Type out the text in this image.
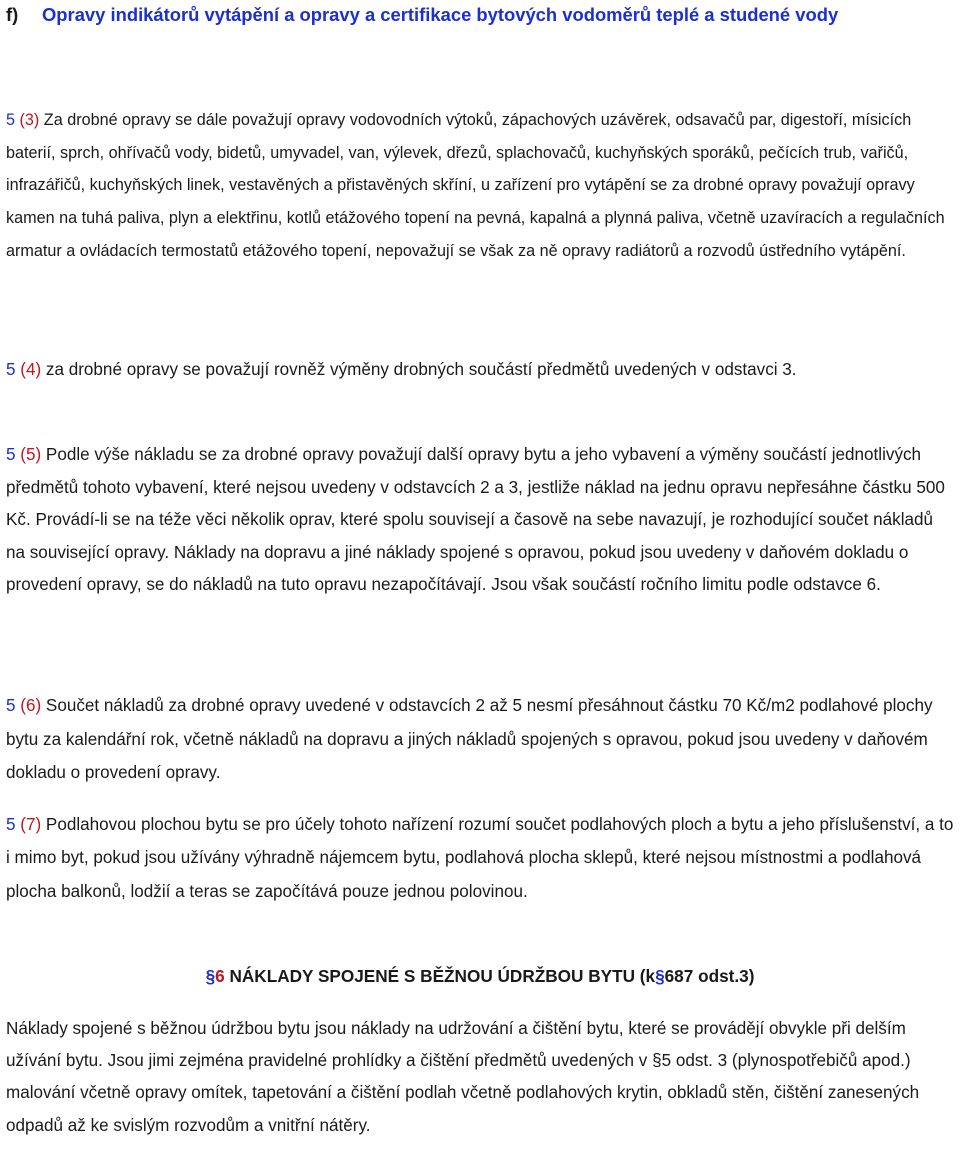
f) Opravy indikátorů vytápění a opravy a certifikace bytových vodoměrů teplé a studené vody

5 (3) Za drobné opravy se dále považují opravy vodovodních výtoků, zápachových uzávěrek, odsavačů par, digestoří, mísicích baterií, sprch, ohřívačů vody, bidetů, umyvadel, van, výlevek, dřezů, splachovačů, kuchyňských sporáků, pečících trub, vařičů, infrazářičů, kuchyňských linek, vestavěných a přistavěných skříní, u zařízení pro vytápění se za drobné opravy považují opravy kamen na tuhá paliva, plyn a elektřinu, kotlů etážového topení na pevná, kapalná a plynná paliva, včetně uzavíracích a regulačních armatur a ovládacích termostatů etážového topení, nepovažují se však za ně opravy radiátorů a rozvodů ústředního vytápění.

5 (4) za drobné opravy se považují rovněž výměny drobných součástí předmětů uvedených v odstavci 3.

5 (5) Podle výše nákladu se za drobné opravy považují další opravy bytu a jeho vybavení a výměny součástí jednotlivých předmětů tohoto vybavení, které nejsou uvedeny v odstavcích 2 a 3, jestliže náklad na jednu opravu nepřesáhne částku 500 Kč. Provádí-li se na téže věci několik oprav, které spolu souvisejí a časově na sebe navazují, je rozhodující součet nákladů na související opravy. Náklady na dopravu a jiné náklady spojené s opravou, pokud jsou uvedeny v daňovém dokladu o provedení opravy, se do nákladů na tuto opravu nezapočítávají. Jsou však součástí ročního limitu podle odstavce 6.

5 (6) Součet nákladů za drobné opravy uvedené v odstavcích 2 až 5 nesmí přesáhnout částku 70 Kč/m2 podlahové plochy bytu za kalendářní rok, včetně nákladů na dopravu a jiných nákladů spojených s opravou, pokud jsou uvedeny v daňovém dokladu o provedení opravy.

5 (7) Podlahovou plochou bytu se pro účely tohoto nařízení rozumí součet podlahových ploch a bytu a jeho příslušenství, a to i mimo byt, pokud jsou užívány výhradně nájemcem bytu, podlahová plocha sklepů, které nejsou místnostmi a podlahová plocha balkonů, lodžií a teras se započítává pouze jednou polovinou.

§6 NÁKLADY SPOJENÉ S BĚŽNOU ÚDRŽBOU BYTU (k§687 odst.3)

Náklady spojené s běžnou údržbou bytu jsou náklady na udržování a čištění bytu, které se provádějí obvykle při delším užívání bytu. Jsou jimi zejména pravidelné prohlídky a čištění předmětů uvedených v §5 odst. 3 (plynospotřebičů apod.) malování včetně opravy omítek, tapetování a čištění podlah včetně podlahových krytin, obkladů stěn, čištění zanesených odpadů až ke svislým rozvodům a vnitřní nátěry.
